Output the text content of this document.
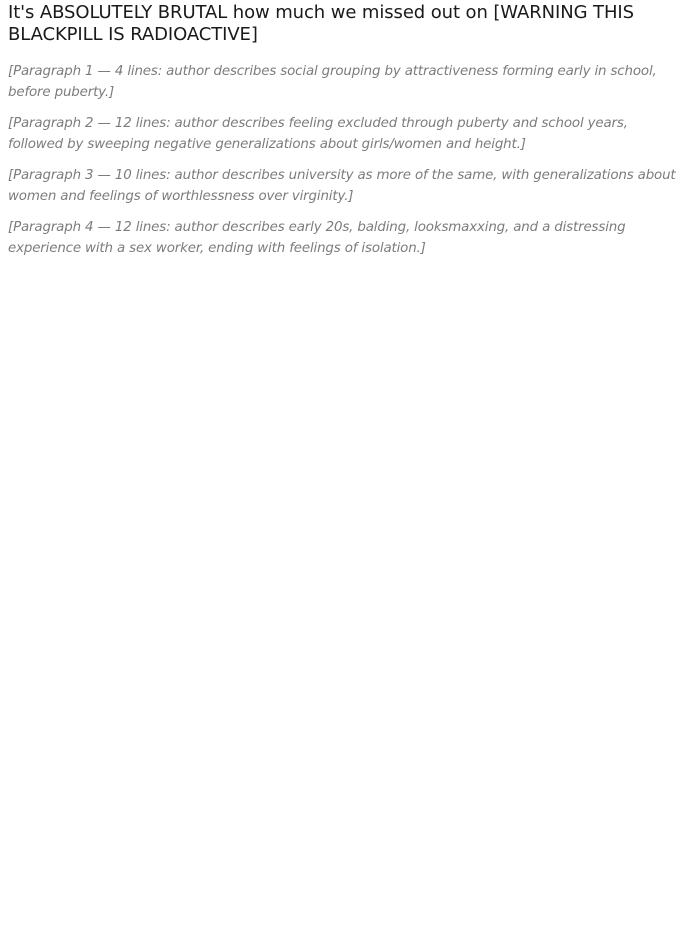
It's ABSOLUTELY BRUTAL how much we missed out on [WARNING THIS BLACKPILL IS RADIOACTIVE]

[Paragraph 1 — 4 lines: author describes social grouping by attractiveness forming early in school, before puberty.]

[Paragraph 2 — 12 lines: author describes feeling excluded through puberty and school years, followed by sweeping negative generalizations about girls/women and height.]

[Paragraph 3 — 10 lines: author describes university as more of the same, with generalizations about women and feelings of worthlessness over virginity.]

[Paragraph 4 — 12 lines: author describes early 20s, balding, looksmaxxing, and a distressing experience with a sex worker, ending with feelings of isolation.]
